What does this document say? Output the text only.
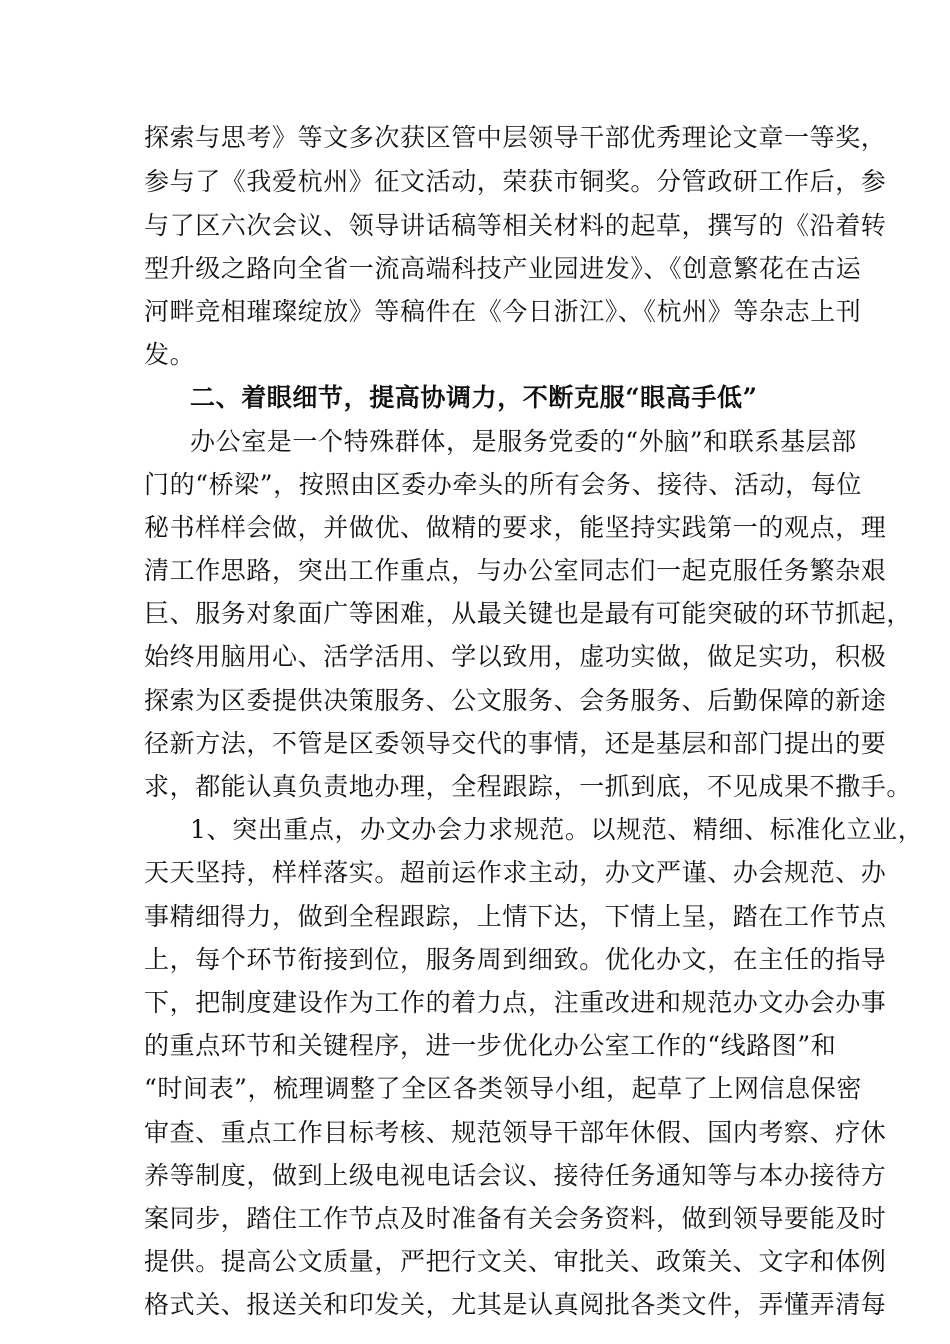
探索与思考》等文多次获区管中层领导干部优秀理论文章一等奖，
参与了《我爱杭州》征文活动，荣获市铜奖。分管政研工作后，参
与了区六次会议、领导讲话稿等相关材料的起草，撰写的《沿着转
型升级之路向全省一流高端科技产业园进发》、《创意繁花在古运
河畔竞相璀璨绽放》等稿件在《今日浙江》、《杭州》等杂志上刊
发。
二、着眼细节，提高协调力，不断克服“眼高手低”
办公室是一个特殊群体，是服务党委的“外脑”和联系基层部
门的“桥梁”，按照由区委办牵头的所有会务、接待、活动，每位
秘书样样会做，并做优、做精的要求，能坚持实践第一的观点，理
清工作思路，突出工作重点，与办公室同志们一起克服任务繁杂艰
巨、服务对象面广等困难，从最关键也是最有可能突破的环节抓起，
始终用脑用心、活学活用、学以致用，虚功实做，做足实功，积极
探索为区委提供决策服务、公文服务、会务服务、后勤保障的新途
径新方法，不管是区委领导交代的事情，还是基层和部门提出的要
求，都能认真负责地办理，全程跟踪，一抓到底，不见成果不撒手。
1、突出重点，办文办会力求规范。以规范、精细、标准化立业，
天天坚持，样样落实。超前运作求主动，办文严谨、办会规范、办
事精细得力，做到全程跟踪，上情下达，下情上呈，踏在工作节点
上，每个环节衔接到位，服务周到细致。优化办文，在主任的指导
下，把制度建设作为工作的着力点，注重改进和规范办文办会办事
的重点环节和关键程序，进一步优化办公室工作的“线路图”和
“时间表”，梳理调整了全区各类领导小组，起草了上网信息保密
审查、重点工作目标考核、规范领导干部年休假、国内考察、疗休
养等制度，做到上级电视电话会议、接待任务通知等与本办接待方
案同步，踏住工作节点及时准备有关会务资料，做到领导要能及时
提供。提高公文质量，严把行文关、审批关、政策关、文字和体例
格式关、报送关和印发关，尤其是认真阅批各类文件，弄懂弄清每
